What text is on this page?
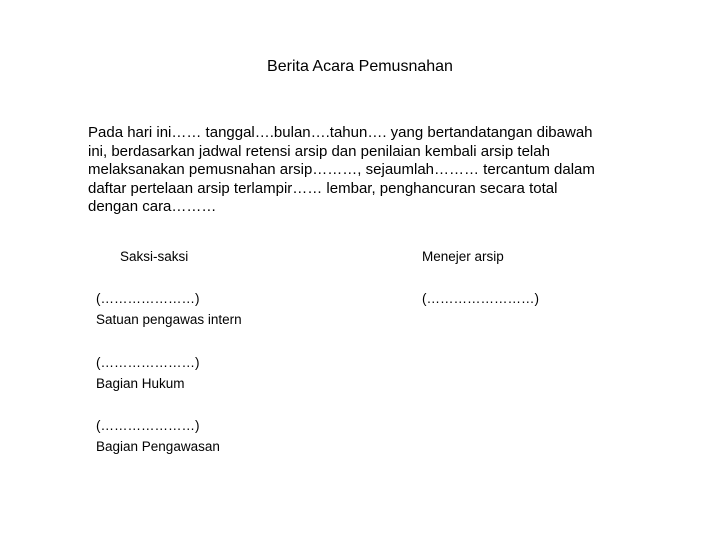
Berita Acara Pemusnahan

Pada hari ini…… tanggal….bulan….tahun…. yang bertandatangan dibawah
ini, berdasarkan jadwal retensi arsip dan penilaian kembali arsip telah
melaksanakan pemusnahan arsip………, sejaumlah……… tercantum dalam
daftar pertelaan arsip terlampir…… lembar, penghancuran secara total
dengan cara………

Saksi-saksi	Menejer arsip
(…………………)
Satuan pengawas intern
(……………………)
(…………………)
Bagian Hukum
(…………………)
Bagian Pengawasan
